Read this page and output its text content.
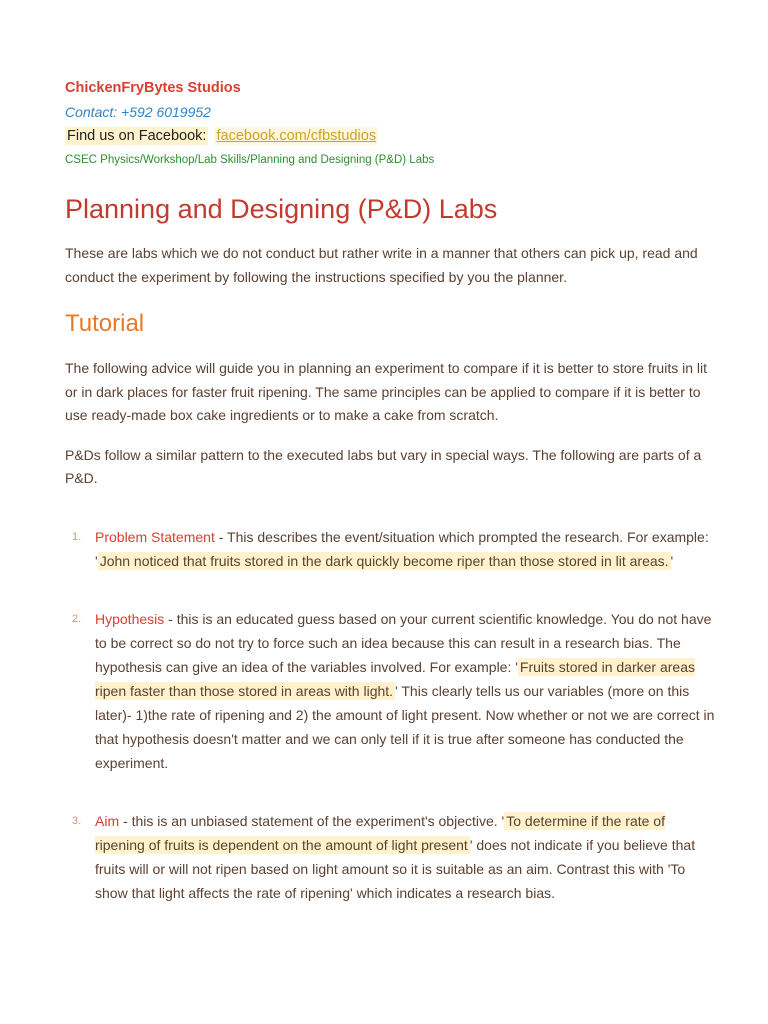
ChickenFryBytes Studios
Contact: +592 6019952
Find us on Facebook: facebook.com/cfbstudios
CSEC Physics/Workshop/Lab Skills/Planning and Designing (P&D) Labs
Planning and Designing (P&D) Labs

These are labs which we do not conduct but rather write in a manner that others can pick up, read and conduct the experiment by following the instructions specified by you the planner.

Tutorial

The following advice will guide you in planning an experiment to compare if it is better to store fruits in lit or in dark places for faster fruit ripening. The same principles can be applied to compare if it is better to use ready-made box cake ingredients or to make a cake from scratch.

P&Ds follow a similar pattern to the executed labs but vary in special ways. The following are parts of a P&D.

1. Problem Statement - This describes the event/situation which prompted the research. For example: ' John noticed that fruits stored in the dark quickly become riper than those stored in lit areas. '
2. Hypothesis - this is an educated guess based on your current scientific knowledge. You do not have to be correct so do not try to force such an idea because this can result in a research bias. The hypothesis can give an idea of the variables involved. For example: ' Fruits stored in darker areas ripen faster than those stored in areas with light. ' This clearly tells us our variables (more on this later)- 1)the rate of ripening and 2) the amount of light present. Now whether or not we are correct in that hypothesis doesn't matter and we can only tell if it is true after someone has conducted the experiment.
3. Aim - this is an unbiased statement of the experiment's objective. ' To determine if the rate of ripening of fruits is dependent on the amount of light present ' does not indicate if you believe that fruits will or will not ripen based on light amount so it is suitable as an aim. Contrast this with 'To show that light affects the rate of ripening' which indicates a research bias.
